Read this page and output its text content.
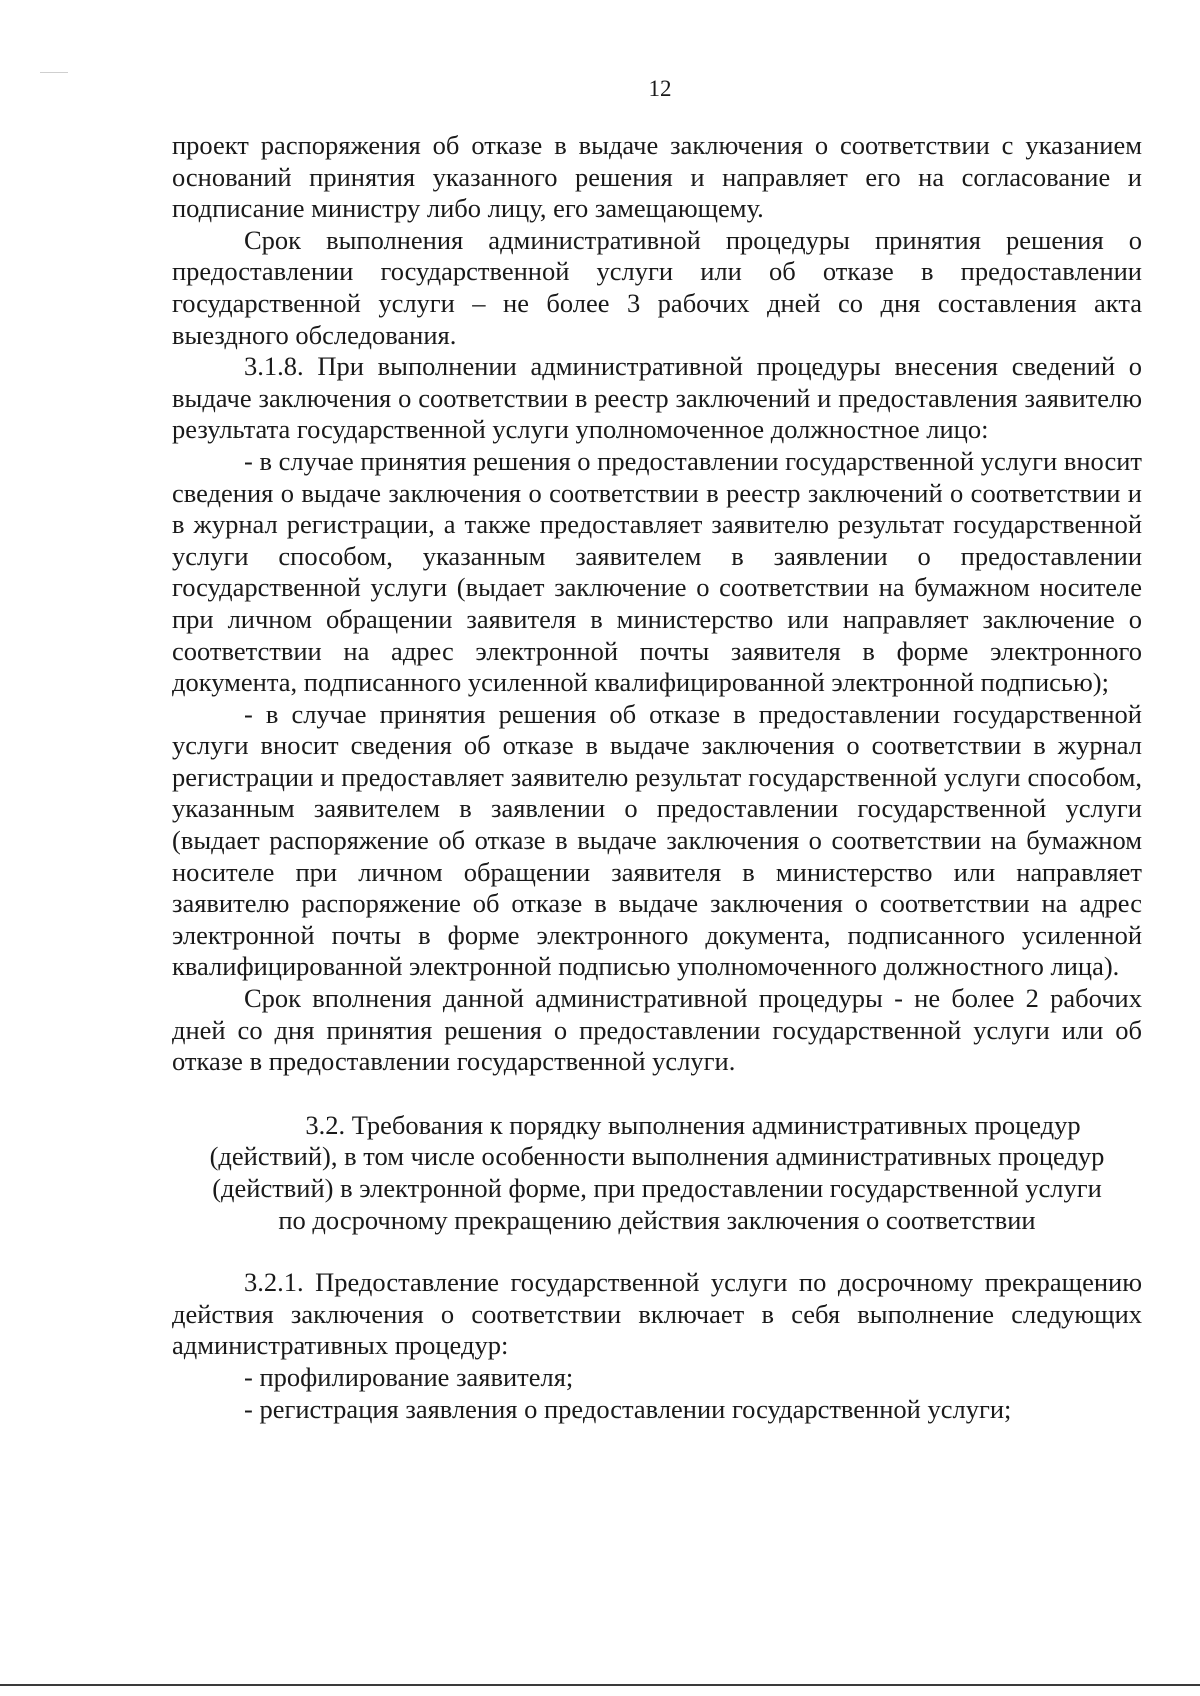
12

проект распоряжения об отказе в выдаче заключения о соответствии с указанием оснований принятия указанного решения и направляет его на согласование и подписание министру либо лицу, его замещающему.

Срок выполнения административной процедуры принятия решения о предоставлении государственной услуги или об отказе в предоставлении государственной услуги – не более 3 рабочих дней со дня составления акта выездного обследования.

3.1.8. При выполнении административной процедуры внесения сведений о выдаче заключения о соответствии в реестр заключений и предоставления заявителю результата государственной услуги уполномоченное должностное лицо:

- в случае принятия решения о предоставлении государственной услуги вносит сведения о выдаче заключения о соответствии в реестр заключений о соответствии и в журнал регистрации, а также предоставляет заявителю результат государственной услуги способом, указанным заявителем в заявлении о предоставлении государственной услуги (выдает заключение о соответствии на бумажном носителе при личном обращении заявителя в министерство или направляет заключение о соответствии на адрес электронной почты заявителя в форме электронного документа, подписанного усиленной квалифицированной электронной подписью);

- в случае принятия решения об отказе в предоставлении государственной услуги вносит сведения об отказе в выдаче заключения о соответствии в журнал регистрации и предоставляет заявителю результат государственной услуги способом, указанным заявителем в заявлении о предоставлении государственной услуги (выдает распоряжение об отказе в выдаче заключения о соответствии на бумажном носителе при личном обращении заявителя в министерство или направляет заявителю распоряжение об отказе в выдаче заключения о соответствии на адрес электронной почты в форме электронного документа, подписанного усиленной квалифицированной электронной подписью уполномоченного должностного лица).

Срок вполнения данной административной процедуры - не более 2 рабочих дней со дня принятия решения о предоставлении государственной услуги или об отказе в предоставлении государственной услуги.

3.2. Требования к порядку выполнения административных процедур
(действий), в том числе особенности выполнения административных процедур
(действий) в электронной форме, при предоставлении государственной услуги
по досрочному прекращению действия заключения о соответствии

3.2.1. Предоставление государственной услуги по досрочному прекращению действия заключения о соответствии включает в себя выполнение следующих административных процедур:

- профилирование заявителя;

- регистрация заявления о предоставлении государственной услуги;
